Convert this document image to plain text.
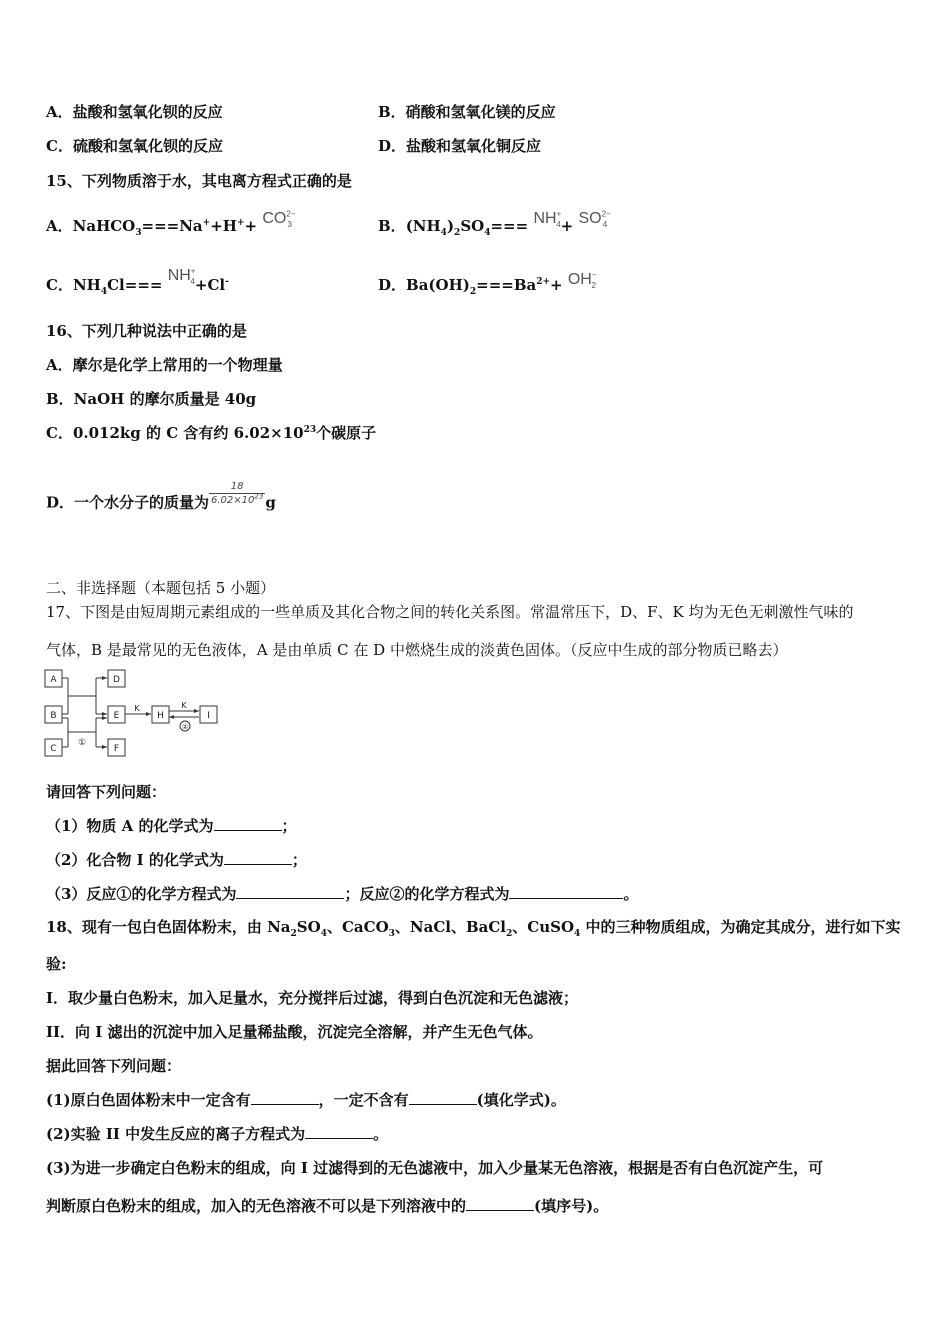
A．盐酸和氢氧化钡的反应	B．硝酸和氢氧化镁的反应
C．硫酸和氢氧化钡的反应	D．盐酸和氢氧化铜反应
15、下列物质溶于水，其电离方程式正确的是
A．NaHCO$_3$===Na++H++ $CO^{2-}_3$	B．$(NH_4)_2SO_4=== NH^+_4+ SO^{2-}_4$
C．$NH_4Cl=== NH^+_4+Cl^-$	D．$Ba(OH)_2===Ba^{2+}+ OH^-_2$
16、下列几种说法中正确的是
A．摩尔是化学上常用的一个物理量
B．NaOH 的摩尔质量是 40g
C．0.012kg 的 C 含有约 $6.02\times 10^{23}$个碳原子
D．一个水分子的质量为 $\frac{18}{6.02\times 10^{23}}$ g
二、非选择题（本题包括 5 小题）
17、下图是由短周期元素组成的一些单质及其化合物之间的转化关系图。常温常压下，D、F、K 均为无色无刺激性气味的
气体，B 是最常见的无色液体，A 是由单质 C 在 D 中燃烧生成的淡黄色固体。（反应中生成的部分物质已略去）
A
B
C
D
E
F
H	I
K	K
①
②
请回答下列问题：
（1）物质 A 的化学式为	；
（2）化合物 I 的化学式为	；
（3）反应①的化学方程式为	；反应②的化学方程式为	。
18、现有一包白色固体粉末，由 $Na_2SO_4$、CaCO$_3$、NaCl、BaCl$_2$、CuSO$_4$ 中的三种物质组成，为确定其成分，进行如下实
验:
I．取少量白色粉末，加入足量水，充分搅拌后过滤，得到白色沉淀和无色滤液；
II．向 I 滤出的沉淀中加入足量稀盐酸，沉淀完全溶解，并产生无色气体。
据此回答下列问题：
(1)原白色固体粉末中一定含有	，一定不含有	(填化学式)。
(2)实验 II 中发生反应的离子方程式为	。
(3)为进一步确定白色粉末的组成，向 I 过滤得到的无色滤液中，加入少量某无色溶液，根据是否有白色沉淀产生，可
判断原白色粉末的组成，加入的无色溶液不可以是下列溶液中的	(填序号)。
